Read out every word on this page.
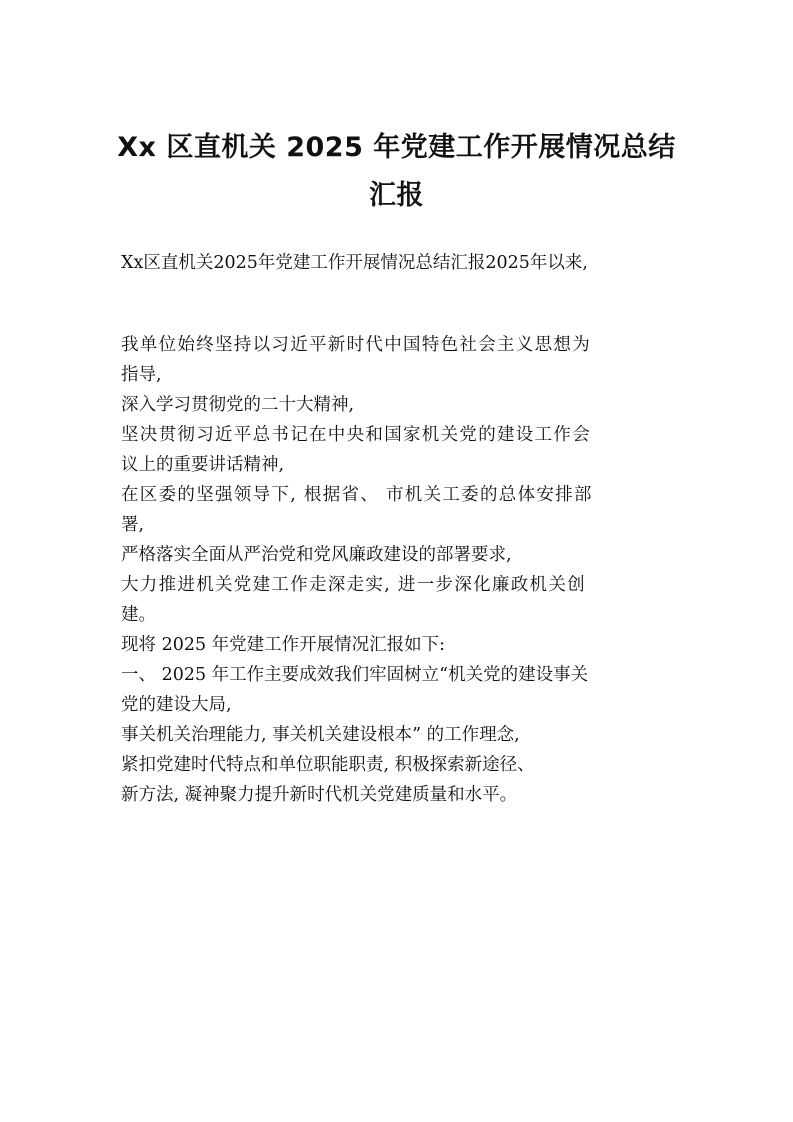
Xx 区直机关 2025 年党建工作开展情况总结
汇报
Xx区直机关2025年党建工作开展情况总结汇报2025年以来,
我单位始终坚持以习近平新时代中国特色社会主义思想为
指导,
深入学习贯彻党的二十大精神,
坚决贯彻习近平总书记在中央和国家机关党的建设工作会
议上的重要讲话精神,
在区委的坚强领导下, 根据省、 市机关工委的总体安排部
署,
严格落实全面从严治党和党风廉政建设的部署要求,
大力推进机关党建工作走深走实, 进一步深化廉政机关创
建。
现将 2025 年党建工作开展情况汇报如下:
一、 2025 年工作主要成效我们牢固树立“机关党的建设事关
党的建设大局,
事关机关治理能力, 事关机关建设根本” 的工作理念,
紧扣党建时代特点和单位职能职责, 积极探索新途径、
新方法, 凝神聚力提升新时代机关党建质量和水平。
